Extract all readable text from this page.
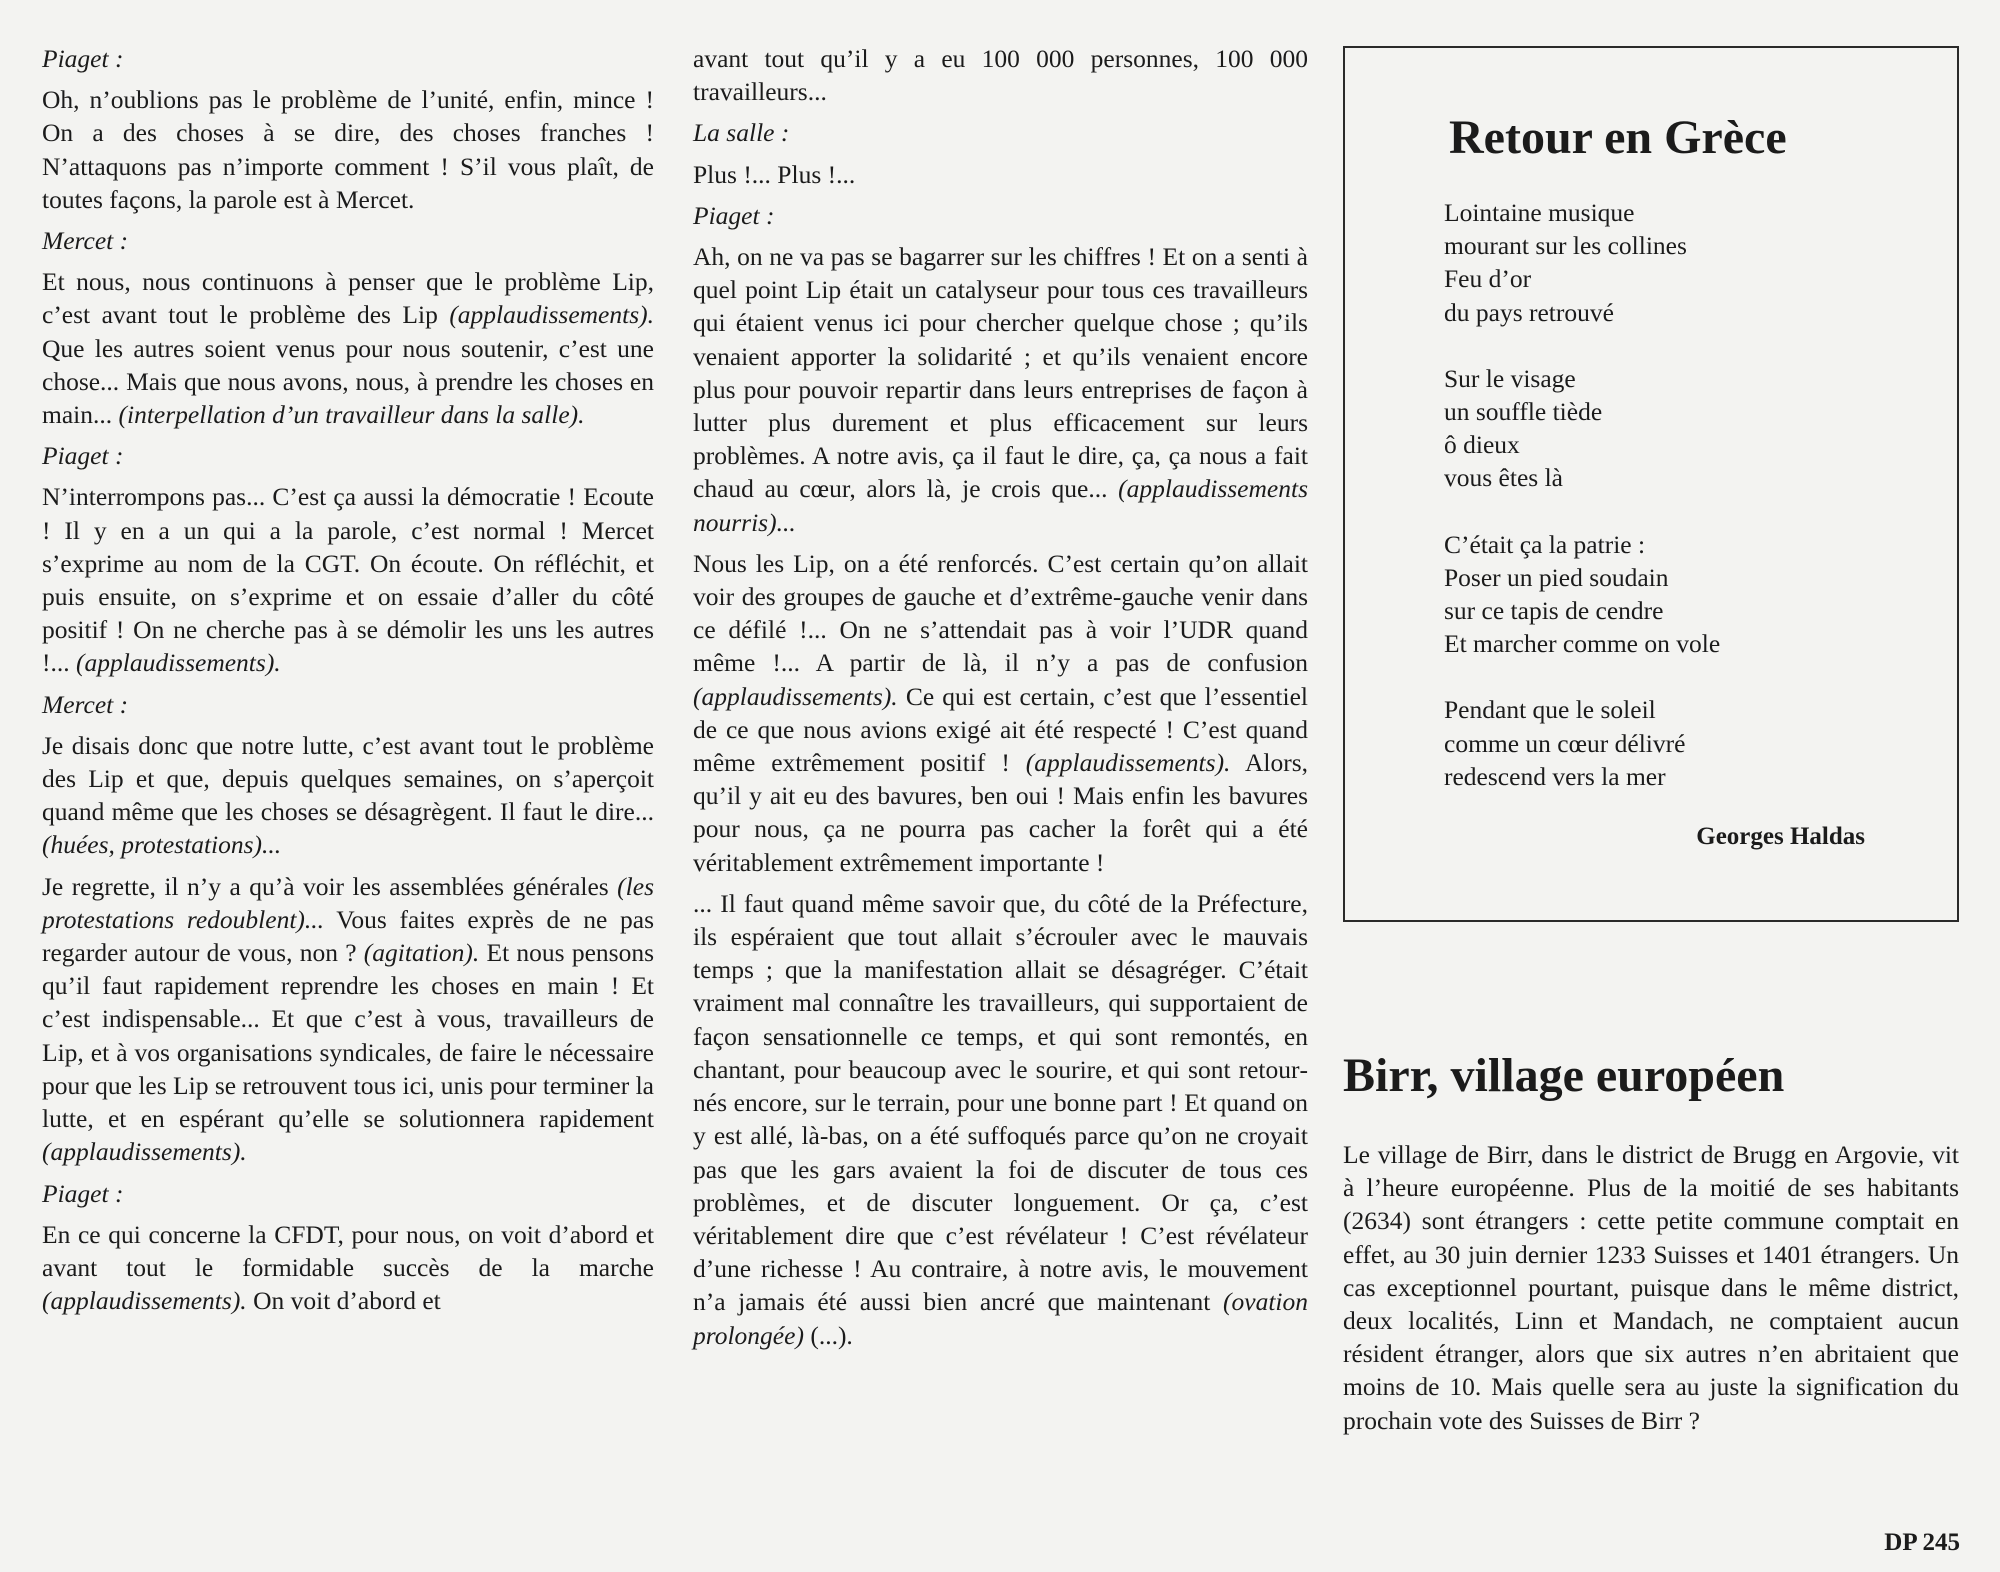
Piaget :

Oh, n’oublions pas le problème de l’unité, enfin, mince ! On a des choses à se dire, des choses franches ! N’attaquons pas n’importe comment ! S’il vous plaît, de toutes façons, la parole est à Mercet.

Mercet :

Et nous, nous continuons à penser que le problème Lip, c’est avant tout le problème des Lip (applaudissements). Que les autres soient venus pour nous soutenir, c’est une chose... Mais que nous avons, nous, à prendre les choses en main... (interpellation d’un travailleur dans la salle).

Piaget :

N’interrompons pas... C’est ça aussi la démocratie ! Ecoute ! Il y en a un qui a la parole, c’est normal ! Mercet s’exprime au nom de la CGT. On écoute. On réfléchit, et puis ensuite, on s’exprime et on essaie d’aller du côté positif ! On ne cherche pas à se démolir les uns les autres !... (applaudissements).

Mercet :

Je disais donc que notre lutte, c’est avant tout le problème des Lip et que, depuis quelques semaines, on s’aperçoit quand même que les choses se désagrègent. Il faut le dire... (huées, protestations)...

Je regrette, il n’y a qu’à voir les assemblées générales (les protestations redoublent)... Vous faites exprès de ne pas regarder autour de vous, non ? (agitation). Et nous pensons qu’il faut rapidement reprendre les choses en main ! Et c’est indispensable... Et que c’est à vous, travailleurs de Lip, et à vos organisations syndicales, de faire le nécessaire pour que les Lip se retrouvent tous ici, unis pour terminer la lutte, et en espérant qu’elle se solutionnera rapidement (applaudissements).

Piaget :

En ce qui concerne la CFDT, pour nous, on voit d’abord et avant tout le formidable succès de la marche (applaudissements). On voit d’abord et

avant tout qu’il y a eu 100 000 personnes, 100 000 travailleurs...

La salle :

Plus !... Plus !...

Piaget :

Ah, on ne va pas se bagarrer sur les chiffres ! Et on a senti à quel point Lip était un catalyseur pour tous ces travailleurs qui étaient venus ici pour chercher quelque chose ; qu’ils venaient apporter la solidarité ; et qu’ils venaient encore plus pour pouvoir repartir dans leurs entreprises de façon à lutter plus durement et plus efficacement sur leurs problèmes. A notre avis, ça il faut le dire, ça, ça nous a fait chaud au cœur, alors là, je crois que... (applaudissements nourris)...

Nous les Lip, on a été renforcés. C’est certain qu’on allait voir des groupes de gauche et d’extrême-gauche venir dans ce défilé !... On ne s’attendait pas à voir l’UDR quand même !... A partir de là, il n’y a pas de confusion (applaudissements). Ce qui est certain, c’est que l’essentiel de ce que nous avions exigé ait été respecté ! C’est quand même extrêmement positif ! (applaudissements). Alors, qu’il y ait eu des bavures, ben oui ! Mais enfin les bavures pour nous, ça ne pourra pas cacher la forêt qui a été véritablement extrêmement importante !

... Il faut quand même savoir que, du côté de la Préfecture, ils espéraient que tout allait s’écrouler avec le mauvais temps ; que la manifestation allait se désagréger. C’était vraiment mal connaître les travailleurs, qui supportaient de façon sensationnelle ce temps, et qui sont remontés, en chantant, pour beaucoup avec le sourire, et qui sont retournés encore, sur le terrain, pour une bonne part ! Et quand on y est allé, là-bas, on a été suffoqués parce qu’on ne croyait pas que les gars avaient la foi de discuter de tous ces problèmes, et de discuter longuement. Or ça, c’est véritablement dire que c’est révélateur ! C’est révélateur d’une richesse ! Au contraire, à notre avis, le mouvement n’a jamais été aussi bien ancré que maintenant (ovation prolongée) (...).

Retour en Grèce
Lointaine musique
mourant sur les collines
Feu d’or
du pays retrouvé
Sur le visage
un souffle tiède
ô dieux
vous êtes là
C’était ça la patrie :
Poser un pied soudain
sur ce tapis de cendre
Et marcher comme on vole
Pendant que le soleil
comme un cœur délivré
redescend vers la mer
Georges Haldas
Birr, village européen

Le village de Birr, dans le district de Brugg en Argovie, vit à l’heure européenne. Plus de la moitié de ses habitants (2634) sont étrangers : cette petite commune comptait en effet, au 30 juin dernier 1233 Suisses et 1401 étrangers. Un cas exceptionnel pourtant, puisque dans le même district, deux localités, Linn et Mandach, ne comptaient aucun résident étranger, alors que six autres n’en abritaient que moins de 10. Mais quelle sera au juste la signification du prochain vote des Suisses de Birr ?

DP 245
